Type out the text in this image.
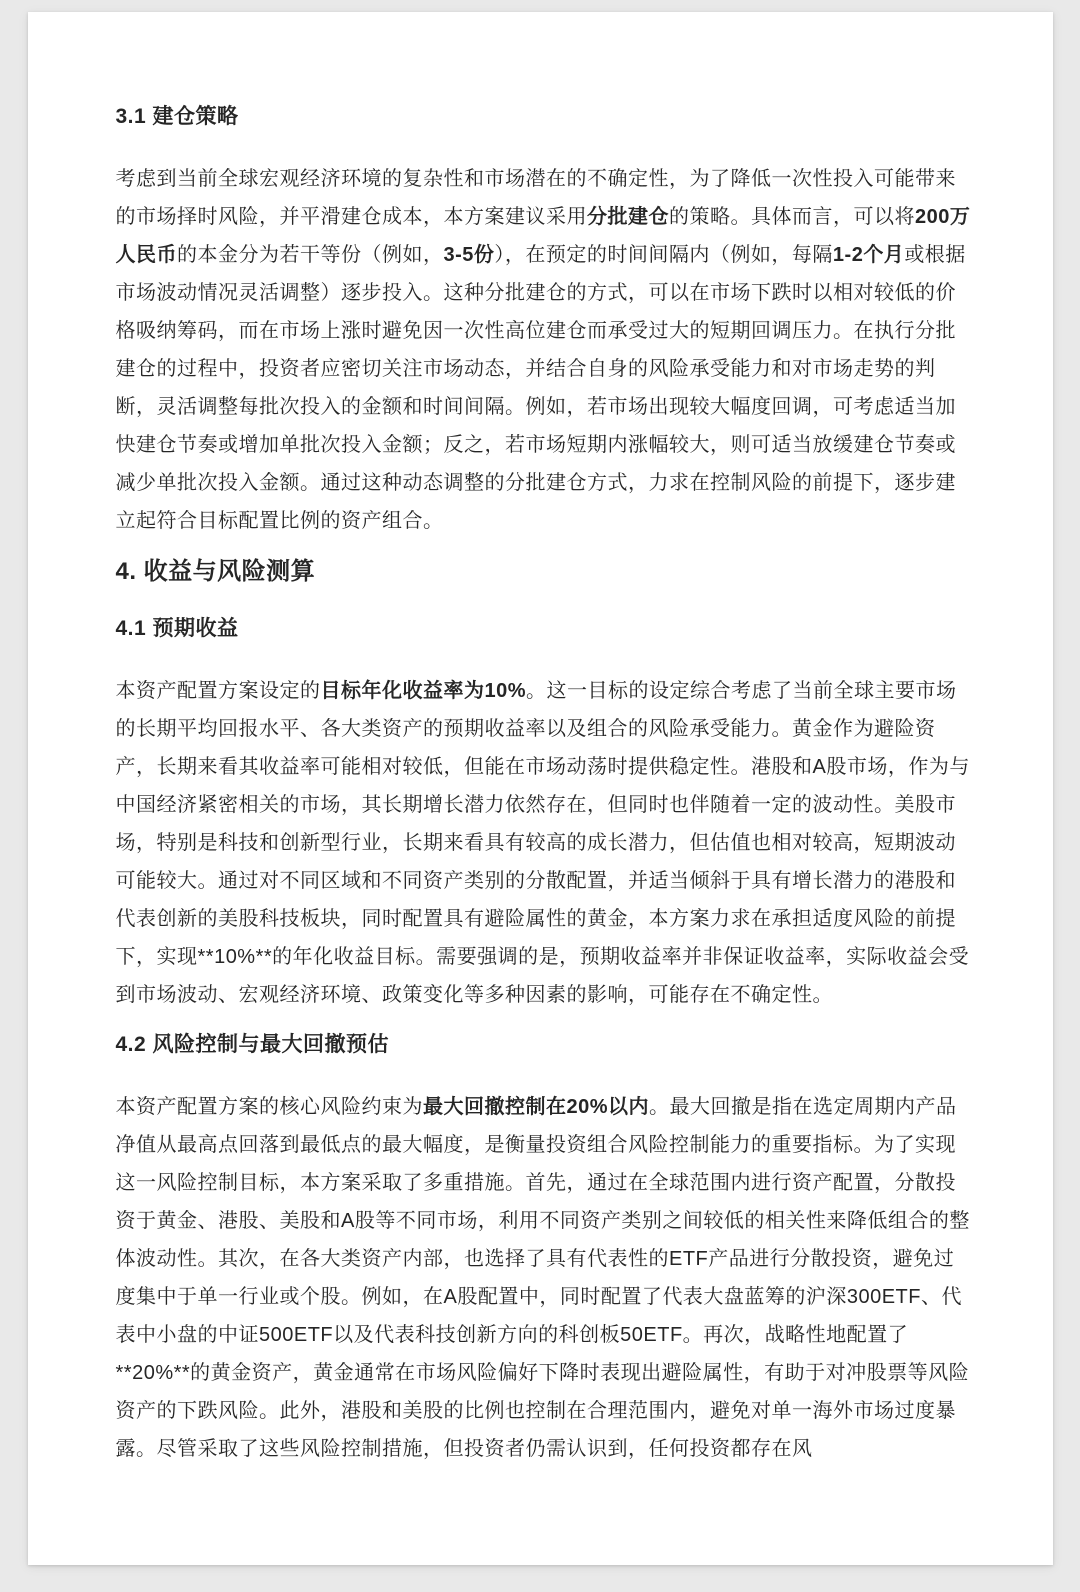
3.1 建仓策略

考虑到当前全球宏观经济环境的复杂性和市场潜在的不确定性，为了降低一次性投入可能带来的市场择时风险，并平滑建仓成本，本方案建议采用分批建仓的策略。具体而言，可以将200万人民币的本金分为若干等份（例如，3-5份），在预定的时间间隔内（例如，每隔1-2个月或根据市场波动情况灵活调整）逐步投入。这种分批建仓的方式，可以在市场下跌时以相对较低的价格吸纳筹码，而在市场上涨时避免因一次性高位建仓而承受过大的短期回调压力。在执行分批建仓的过程中，投资者应密切关注市场动态，并结合自身的风险承受能力和对市场走势的判断，灵活调整每批次投入的金额和时间间隔。例如，若市场出现较大幅度回调，可考虑适当加快建仓节奏或增加单批次投入金额；反之，若市场短期内涨幅较大，则可适当放缓建仓节奏或减少单批次投入金额。通过这种动态调整的分批建仓方式，力求在控制风险的前提下，逐步建立起符合目标配置比例的资产组合。

4. 收益与风险测算
4.1 预期收益

本资产配置方案设定的目标年化收益率为10%。这一目标的设定综合考虑了当前全球主要市场的长期平均回报水平、各大类资产的预期收益率以及组合的风险承受能力。黄金作为避险资产，长期来看其收益率可能相对较低，但能在市场动荡时提供稳定性。港股和A股市场，作为与中国经济紧密相关的市场，其长期增长潜力依然存在，但同时也伴随着一定的波动性。美股市场，特别是科技和创新型行业，长期来看具有较高的成长潜力，但估值也相对较高，短期波动可能较大。通过对不同区域和不同资产类别的分散配置，并适当倾斜于具有增长潜力的港股和代表创新的美股科技板块，同时配置具有避险属性的黄金，本方案力求在承担适度风险的前提下，实现**10%**的年化收益目标。需要强调的是，预期收益率并非保证收益率，实际收益会受到市场波动、宏观经济环境、政策变化等多种因素的影响，可能存在不确定性。

4.2 风险控制与最大回撤预估

本资产配置方案的核心风险约束为最大回撤控制在20%以内。最大回撤是指在选定周期内产品净值从最高点回落到最低点的最大幅度，是衡量投资组合风险控制能力的重要指标。为了实现这一风险控制目标，本方案采取了多重措施。首先，通过在全球范围内进行资产配置，分散投资于黄金、港股、美股和A股等不同市场，利用不同资产类别之间较低的相关性来降低组合的整体波动性。其次，在各大类资产内部，也选择了具有代表性的ETF产品进行分散投资，避免过度集中于单一行业或个股。例如，在A股配置中，同时配置了代表大盘蓝筹的沪深300ETF、代表中小盘的中证500ETF以及代表科技创新方向的科创板50ETF。再次，战略性地配置了**20%**的黄金资产，黄金通常在市场风险偏好下降时表现出避险属性，有助于对冲股票等风险资产的下跌风险。此外，港股和美股的比例也控制在合理范围内，避免对单一海外市场过度暴露。尽管采取了这些风险控制措施，但投资者仍需认识到，任何投资都存在风
